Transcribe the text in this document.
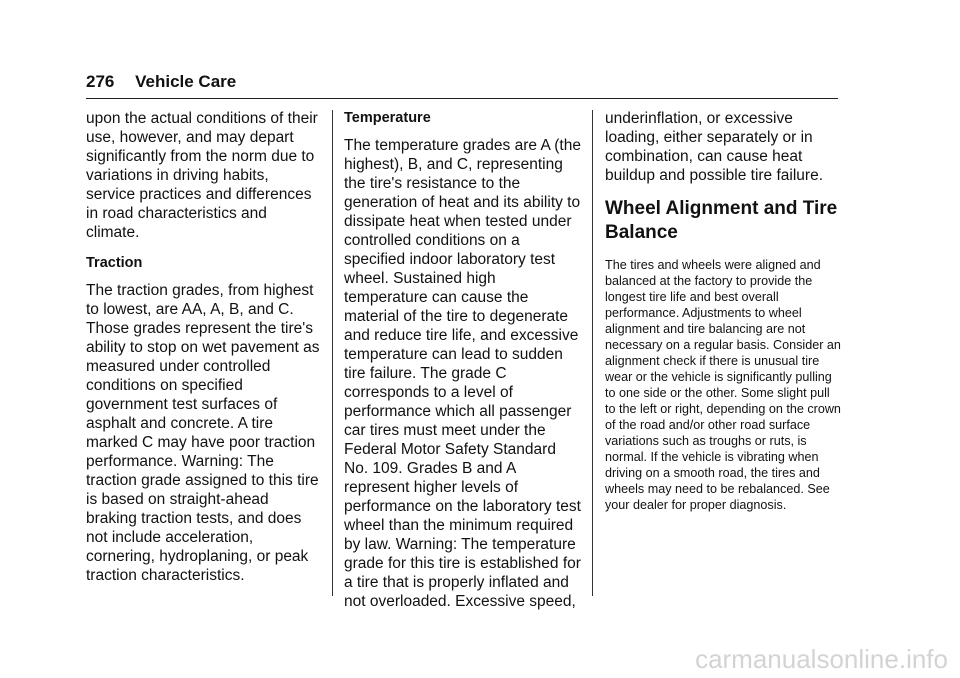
276 Vehicle Care

upon the actual conditions of their use, however, and may depart significantly from the norm due to variations in driving habits, service practices and differences in road characteristics and climate.

Traction

The traction grades, from highest to lowest, are AA, A, B, and C. Those grades represent the tire's ability to stop on wet pavement as measured under controlled conditions on specified government test surfaces of asphalt and concrete. A tire marked C may have poor traction performance. Warning: The traction grade assigned to this tire is based on straight-ahead braking traction tests, and does not include acceleration, cornering, hydroplaning, or peak traction characteristics.

Temperature

The temperature grades are A (the highest), B, and C, representing the tire's resistance to the generation of heat and its ability to dissipate heat when tested under controlled conditions on a specified indoor laboratory test wheel. Sustained high temperature can cause the material of the tire to degenerate and reduce tire life, and excessive temperature can lead to sudden tire failure. The grade C corresponds to a level of performance which all passenger car tires must meet under the Federal Motor Safety Standard No. 109. Grades B and A represent higher levels of performance on the laboratory test wheel than the minimum required by law. Warning: The temperature grade for this tire is established for a tire that is properly inflated and not overloaded. Excessive speed,

underinflation, or excessive loading, either separately or in combination, can cause heat buildup and possible tire failure.

Wheel Alignment and Tire Balance

The tires and wheels were aligned and balanced at the factory to provide the longest tire life and best overall performance. Adjustments to wheel alignment and tire balancing are not necessary on a regular basis. Consider an alignment check if there is unusual tire wear or the vehicle is significantly pulling to one side or the other. Some slight pull to the left or right, depending on the crown of the road and/or other road surface variations such as troughs or ruts, is normal. If the vehicle is vibrating when driving on a smooth road, the tires and wheels may need to be rebalanced. See your dealer for proper diagnosis.

carmanualsonline.info
